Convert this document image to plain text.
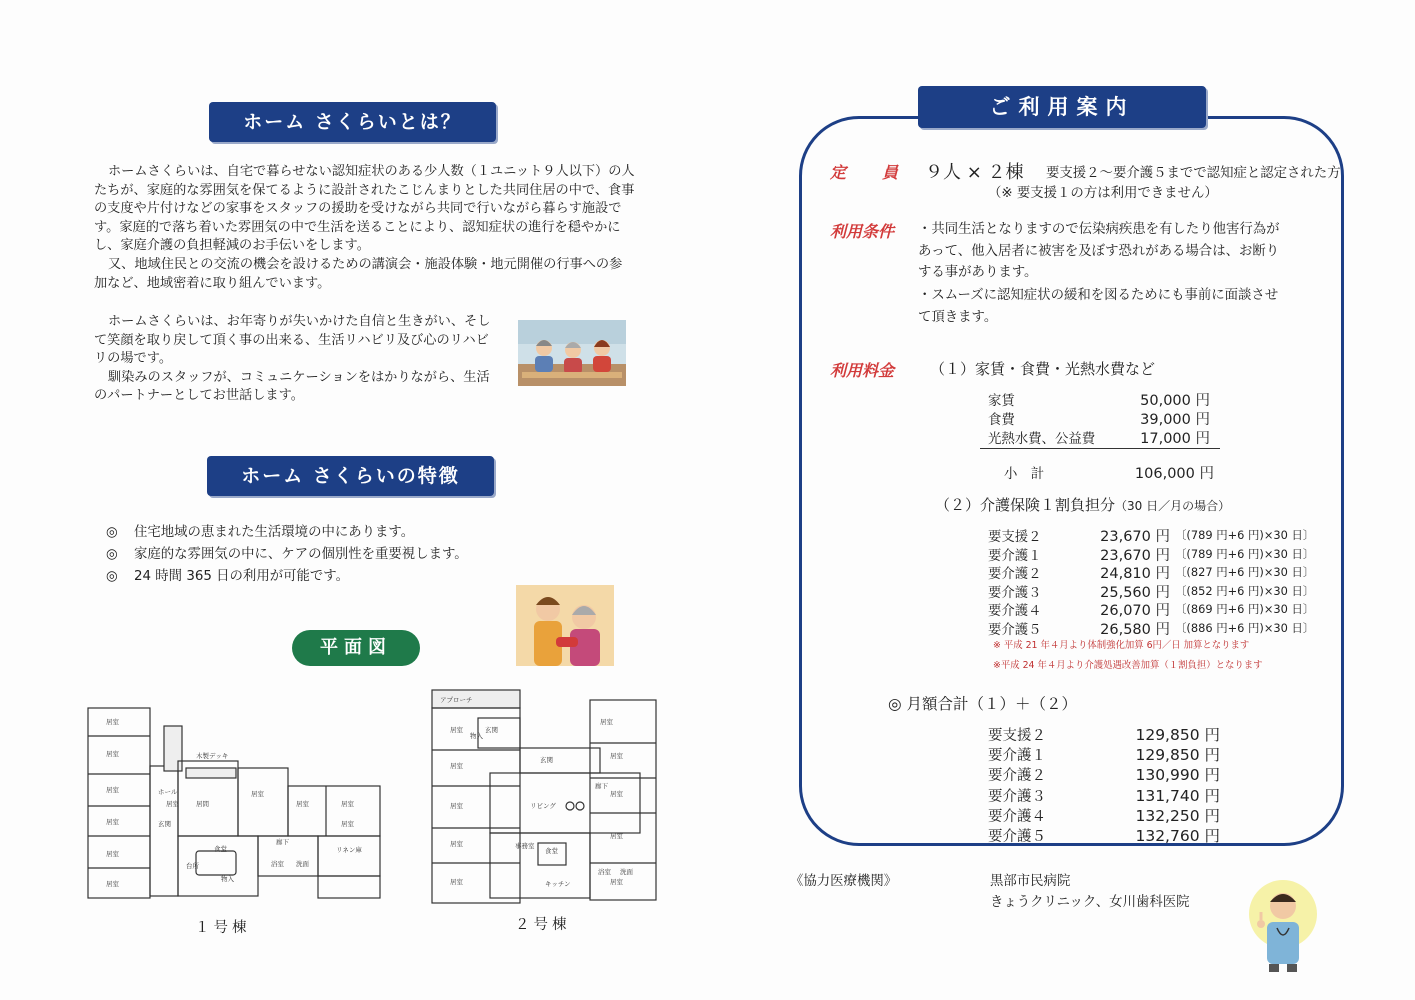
ホーム さくらいとは？

ホームさくらいは、自宅で暮らせない認知症状のある少人数（１ユニット９人以下）の人たちが、家庭的な雰囲気を保てるように設計されたこじんまりとした共同住居の中で、食事の支度や片付けなどの家事をスタッフの援助を受けながら共同で行いながら暮らす施設です。家庭的で落ち着いた雰囲気の中で生活を送ることにより、認知症状の進行を穏やかにし、家庭介護の負担軽減のお手伝いをします。

又、地域住民との交流の機会を設けるための講演会・施設体験・地元開催の行事への参加など、地域密着に取り組んでいます。

ホームさくらいは、お年寄りが失いかけた自信と生きがい、そして笑顔を取り戻して頂く事の出来る、生活リハビリ及び心のリハビリの場です。

馴染みのスタッフが、コミュニケーションをはかりながら、生活のパートナーとしてお世話します。

ホーム さくらいの特徴
◎ 住宅地域の恵まれた生活環境の中にあります。
◎ 家庭的な雰囲気の中に、ケアの個別性を重要視します。
◎ 24 時間 365 日の利用が可能です。
平面図
居室
居室
居室
居室
居室
居室
居室
木製デッキ
居間
ホール
玄関
居室
居室	居室
居室
廊下
リネン庫
浴室 洗面
物入
台所
食堂
アプローチ
居室
居室
居室
居室
居室
居室
玄関
玄関
リビング
事務室
食堂
キッチン
居室
居室
居室
居室
廊下
浴室 洗面
物入
１号棟	２号棟
ご利用案内
定　員 ９人 × ２棟 要支援２〜要介護５までで認知症と認定された方
（※ 要支援１の方は利用できません）
利用条件 ・共同生活となりますので伝染病疾患を有したり他害行為があって、他入居者に被害を及ぼす恐れがある場合は、お断りする事があります。
・スムーズに認知症状の緩和を図るためにも事前に面談させて頂きます。
利用料金 （１）家賃・食費・光熱水費など
家賃	50,000 円
食費	39,000 円
光熱水費、公益費	17,000 円
小　計	106,000 円
（２）介護保険１割負担分（30 日／月の場合）
要支援２	23,670 円 〔(789 円+6 円)×30 日〕
要介護１	23,670 円 〔(789 円+6 円)×30 日〕
要介護２	24,810 円 〔(827 円+6 円)×30 日〕
要介護３	25,560 円 〔(852 円+6 円)×30 日〕
要介護４	26,070 円 〔(869 円+6 円)×30 日〕
要介護５	26,580 円 〔(886 円+6 円)×30 日〕
※ 平成 21 年４月より体制強化加算 6円／日 加算となります
※平成 24 年４月より介護処遇改善加算（１割負担）となります
◎ 月額合計（１）＋（２）
要支援２	129,850 円
要介護１	129,850 円
要介護２	130,990 円
要介護３	131,740 円
要介護４	132,250 円
要介護５	132,760 円
《協力医療機関》	黒部市民病院
きょうクリニック、女川歯科医院
